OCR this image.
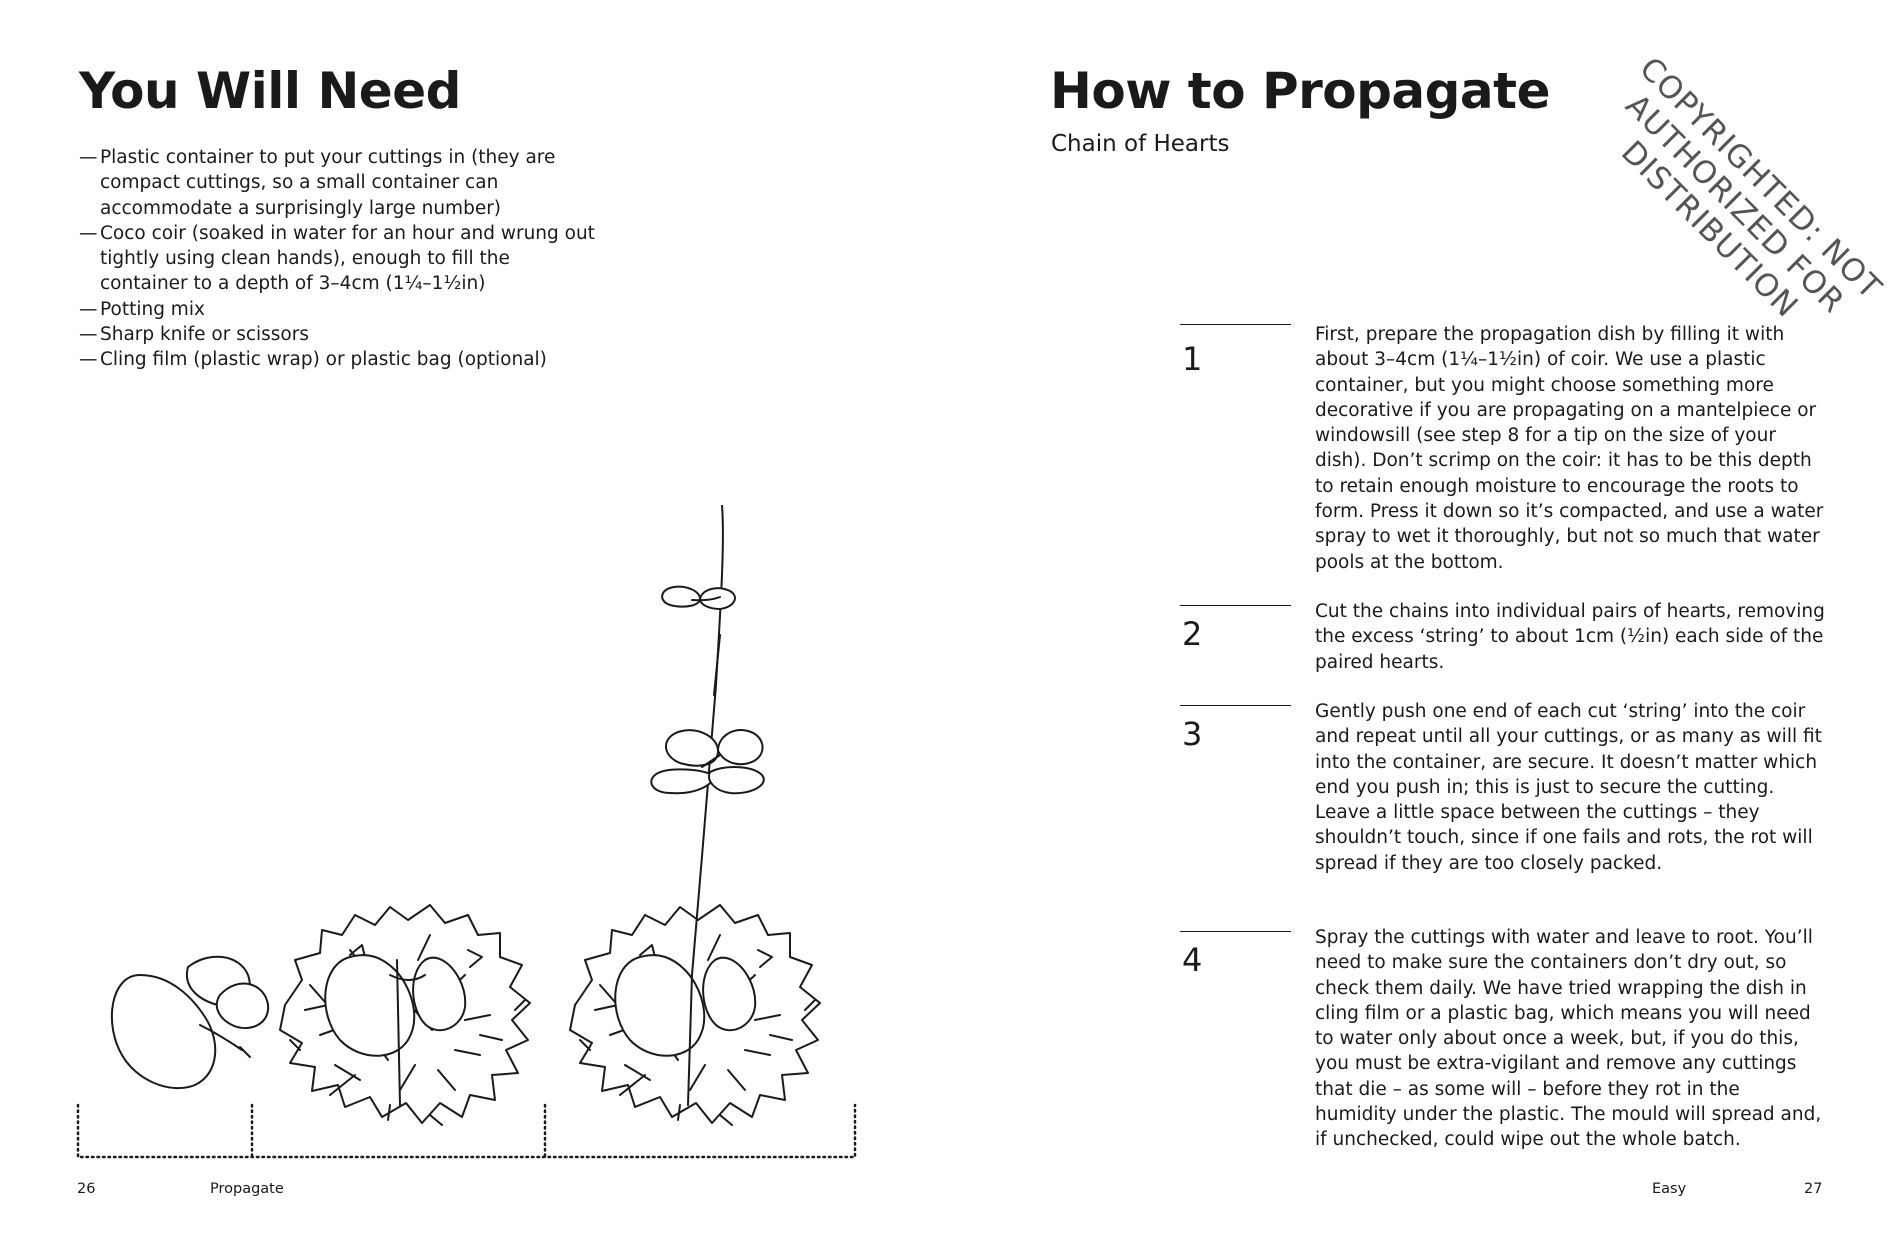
You Will Need
— Plastic container to put your cuttings in (they are compact cuttings, so a small container can accommodate a surprisingly large number)
— Coco coir (soaked in water for an hour and wrung out tightly using clean hands), enough to fill the container to a depth of 3–4cm (1¼–1½in)
— Potting mix
— Sharp knife or scissors
— Cling film (plastic wrap) or plastic bag (optional)
26	Propagate
How to Propagate
Chain of Hearts	COPYRIGHTED: NOT AUTHORIZED FOR DISTRIBUTION
1

First, prepare the propagation dish by filling it with about 3–4cm (1¼–1½in) of coir. We use a plastic container, but you might choose something more decorative if you are propagating on a mantelpiece or windowsill (see step 8 for a tip on the size of your dish). Don’t scrimp on the coir: it has to be this depth to retain enough moisture to encourage the roots to form. Press it down so it’s compacted, and use a water spray to wet it thoroughly, but not so much that water pools at the bottom.

2

Cut the chains into individual pairs of hearts, removing the excess ‘string’ to about 1cm (½in) each side of the paired hearts.

3

Gently push one end of each cut ‘string’ into the coir and repeat until all your cuttings, or as many as will fit into the container, are secure. It doesn’t matter which end you push in; this is just to secure the cutting. Leave a little space between the cuttings – they shouldn’t touch, since if one fails and rots, the rot will spread if they are too closely packed.

4

Spray the cuttings with water and leave to root. You’ll need to make sure the containers don’t dry out, so check them daily. We have tried wrapping the dish in cling film or a plastic bag, which means you will need to water only about once a week, but, if you do this, you must be extra-vigilant and remove any cuttings that die – as some will – before they rot in the humidity under the plastic. The mould will spread and, if unchecked, could wipe out the whole batch.

Easy	27
